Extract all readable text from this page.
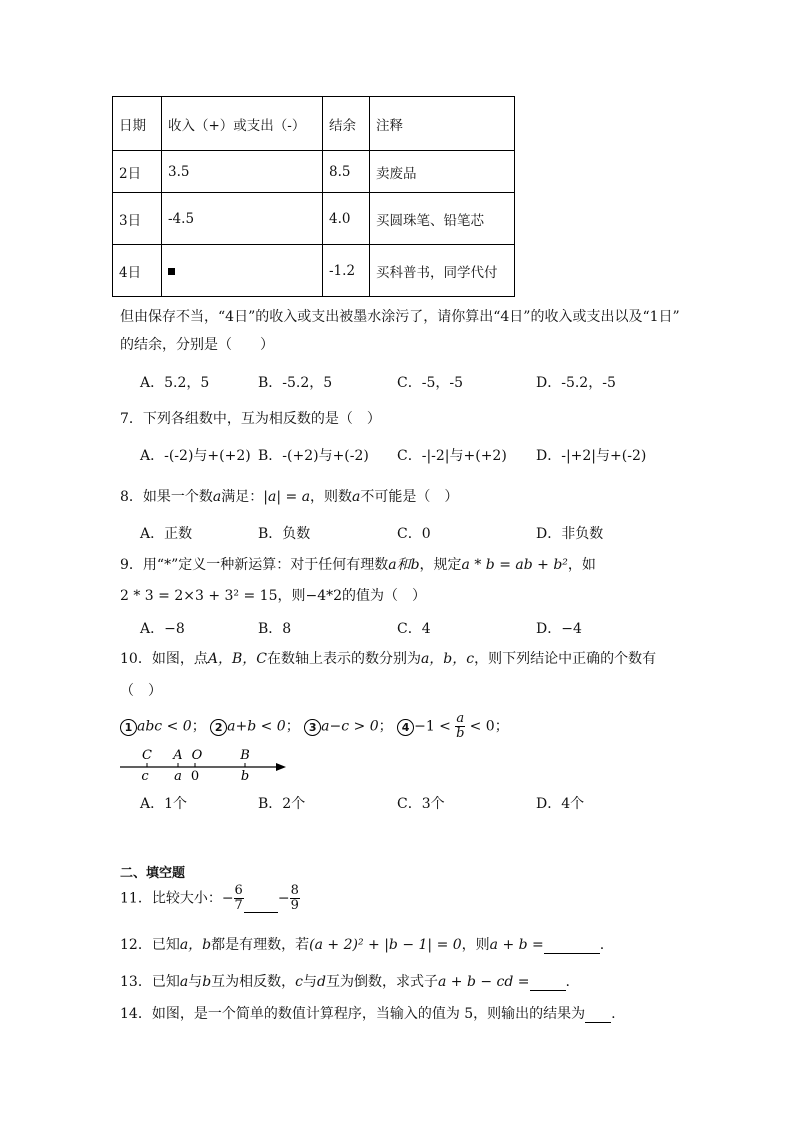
日期	收入（+）或支出（-）	结余	注释
2日	3.5	8.5	卖废品
3日	-4.5	4.0	买圆珠笔、铅笔芯
4日		-1.2	买科普书，同学代付
但由保存不当，“4日”的收入或支出被墨水涂污了，请你算出“4日”的收入或支出以及“1日”
的结余，分别是（　　）
A．5.2，5	B．-5.2，5	C．-5，-5	D．-5.2，-5
7．下列各组数中，互为相反数的是（　）
A．-(-2)与+(+2) B．-(+2)与+(-2) C．-|-2|与+(+2) D．-|+2|与+(-2)
8．如果一个数a满足：|a| = a，则数a不可能是（　）
A．正数	B．负数	C．0	D．非负数
9．用“*”定义一种新运算：对于任何有理数a和b，规定a * b = ab + b²，如
2 * 3 = 2×3 + 3² = 15，则−4*2的值为（　）
A．−8	B．8	C．4	D．−4
10．如图，点A，B，C在数轴上表示的数分别为a，b，c，则下列结论中正确的个数有
（　）
1 abc < 0； 2 a+b < 0； 3 a−c > 0； $4 -1 < \frac{a}{b} < 0$；
C A O	B
c a 0	b
A．1个	B．2个	C．3个	D．4个
二、填空题
11．比较大小：− $\frac{6}{7} - \frac{8}{9}$
12．已知a，b都是有理数，若(a + 2)² + |b − 1| = 0，则a + b =	.
13．已知a与b互为相反数，c与d互为倒数，求式子a + b − cd =	.
14．如图，是一个简单的数值计算程序，当输入的值为 5，则输出的结果为 .
